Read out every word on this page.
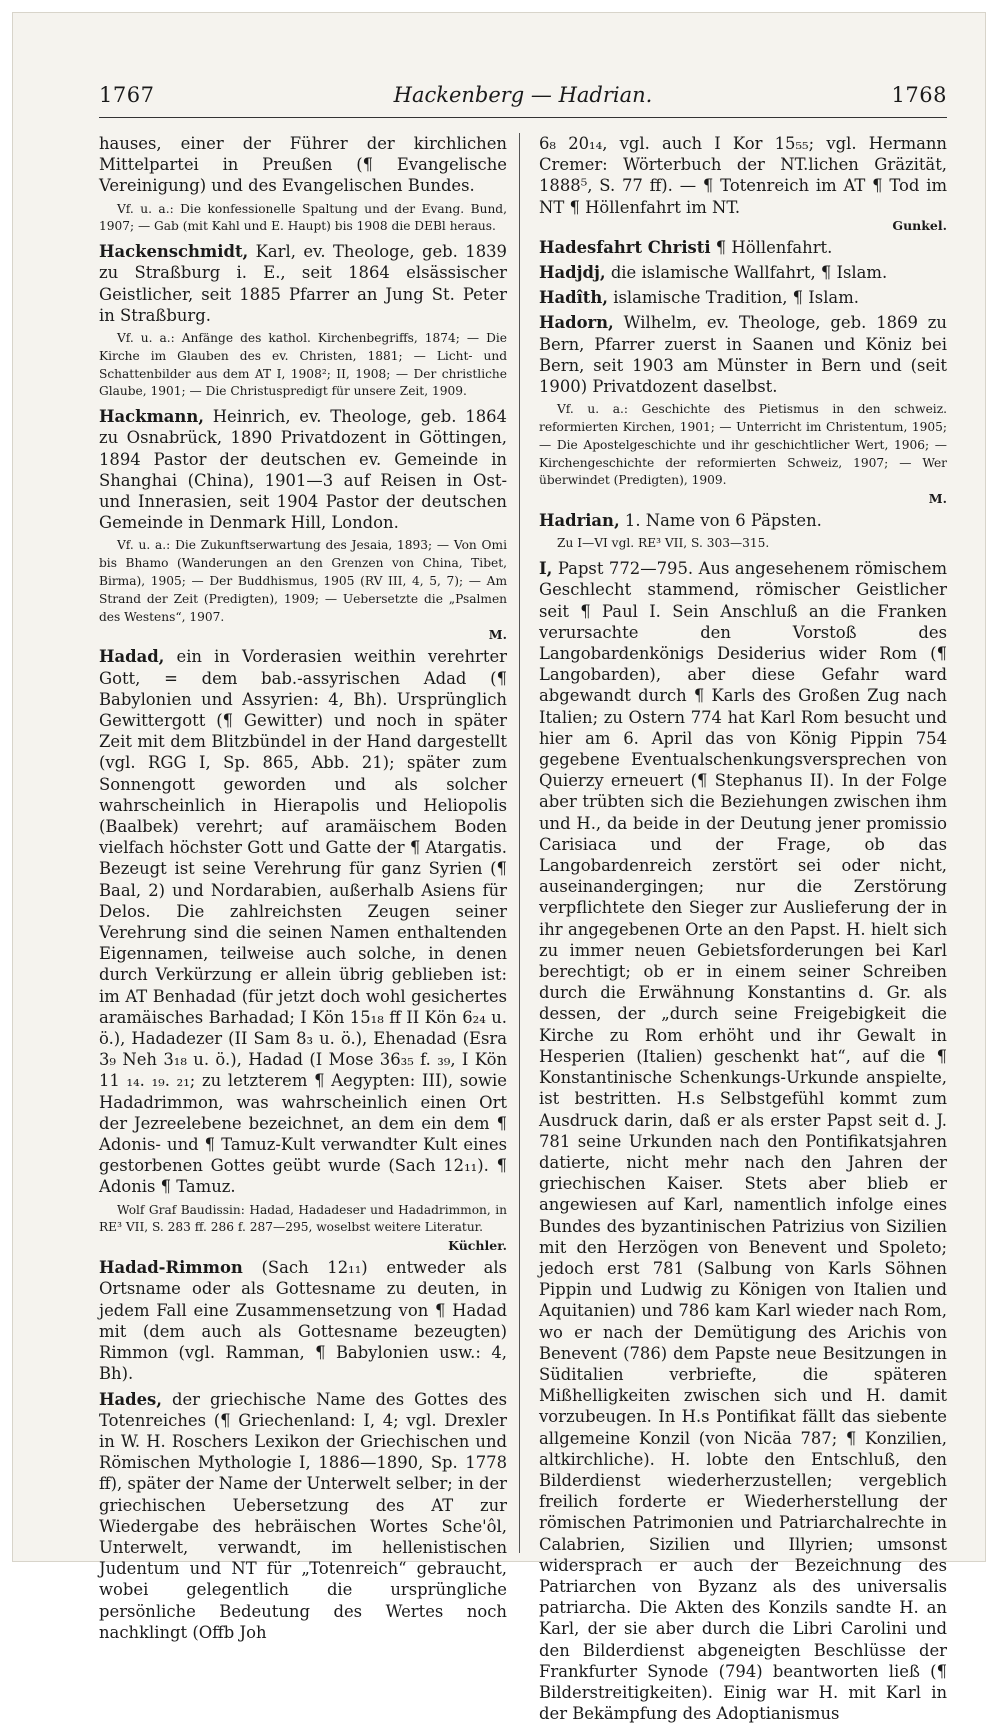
1767	Hackenberg — Hadrian.	1768

hauses, einer der Führer der kirchlichen Mittelpartei in Preußen (¶ Evangelische Vereinigung) und des Evangelischen Bundes.

Vf. u. a.: Die konfessionelle Spaltung und der Evang. Bund, 1907; — Gab (mit Kahl und E. Haupt) bis 1908 die DEBl heraus.

Hackenschmidt, Karl, ev. Theologe, geb. 1839 zu Straßburg i. E., seit 1864 elsässischer Geistlicher, seit 1885 Pfarrer an Jung St. Peter in Straßburg.

Vf. u. a.: Anfänge des kathol. Kirchenbegriffs, 1874; — Die Kirche im Glauben des ev. Christen, 1881; — Licht- und Schattenbilder aus dem AT I, 1908²; II, 1908; — Der christliche Glaube, 1901; — Die Christuspredigt für unsere Zeit, 1909.

Hackmann, Heinrich, ev. Theologe, geb. 1864 zu Osnabrück, 1890 Privatdozent in Göttingen, 1894 Pastor der deutschen ev. Gemeinde in Shanghai (China), 1901—3 auf Reisen in Ost- und Innerasien, seit 1904 Pastor der deutschen Gemeinde in Denmark Hill, London.

Vf. u. a.: Die Zukunftserwartung des Jesaia, 1893; — Von Omi bis Bhamo (Wanderungen an den Grenzen von China, Tibet, Birma), 1905; — Der Buddhismus, 1905 (RV III, 4, 5, 7); — Am Strand der Zeit (Predigten), 1909; — Uebersetzte die „Psalmen des Westens“, 1907.

M.

Hadad, ein in Vorderasien weithin verehrter Gott, = dem bab.-assyrischen Adad (¶ Babylonien und Assyrien: 4, Bh). Ursprünglich Gewittergott (¶ Gewitter) und noch in später Zeit mit dem Blitzbündel in der Hand dargestellt (vgl. RGG I, Sp. 865, Abb. 21); später zum Sonnengott geworden und als solcher wahrscheinlich in Hierapolis und Heliopolis (Baalbek) verehrt; auf aramäischem Boden vielfach höchster Gott und Gatte der ¶ Atargatis. Bezeugt ist seine Verehrung für ganz Syrien (¶ Baal, 2) und Nordarabien, außerhalb Asiens für Delos. Die zahlreichsten Zeugen seiner Verehrung sind die seinen Namen enthaltenden Eigennamen, teilweise auch solche, in denen durch Verkürzung er allein übrig geblieben ist: im AT Benhadad (für jetzt doch wohl gesichertes aramäisches Barhadad; I Kön 15₁₈ ff II Kön 6₂₄ u. ö.), Hadadezer (II Sam 8₃ u. ö.), Ehenadad (Esra 3₉ Neh 3₁₈ u. ö.), Hadad (I Mose 36₃₅ f. ₃₉, I Kön 11 ₁₄. ₁₉. ₂₁; zu letzterem ¶ Aegypten: III), sowie Hadadrimmon, was wahrscheinlich einen Ort der Jezreelebene bezeichnet, an dem ein dem ¶ Adonis- und ¶ Tamuz-Kult verwandter Kult eines gestorbenen Gottes geübt wurde (Sach 12₁₁). ¶ Adonis ¶ Tamuz.

Wolf Graf Baudissin: Hadad, Hadadeser und Hadadrimmon, in RE³ VII, S. 283 ff. 286 f. 287—295, woselbst weitere Literatur.

Küchler.

Hadad-Rimmon (Sach 12₁₁) entweder als Ortsname oder als Gottesname zu deuten, in jedem Fall eine Zusammensetzung von ¶ Hadad mit (dem auch als Gottesname bezeugten) Rimmon (vgl. Ramman, ¶ Babylonien usw.: 4, Bh).

Hades, der griechische Name des Gottes des Totenreiches (¶ Griechenland: I, 4; vgl. Drexler in W. H. Roschers Lexikon der Griechischen und Römischen Mythologie I, 1886—1890, Sp. 1778 ff), später der Name der Unterwelt selber; in der griechischen Uebersetzung des AT zur Wiedergabe des hebräischen Wortes Sche'ôl, Unterwelt, verwandt, im hellenistischen Judentum und NT für „Totenreich“ gebraucht, wobei gelegentlich die ursprüngliche persönliche Bedeutung des Wertes noch nachklingt (Offb Joh

6₈ 20₁₄, vgl. auch I Kor 15₅₅; vgl. Hermann Cremer: Wörterbuch der NT.lichen Gräzität, 1888⁵, S. 77 ff). — ¶ Totenreich im AT ¶ Tod im NT ¶ Höllenfahrt im NT.

Gunkel.

Hadesfahrt Christi ¶ Höllenfahrt.

Hadjdj, die islamische Wallfahrt, ¶ Islam.

Hadîth, islamische Tradition, ¶ Islam.

Hadorn, Wilhelm, ev. Theologe, geb. 1869 zu Bern, Pfarrer zuerst in Saanen und Köniz bei Bern, seit 1903 am Münster in Bern und (seit 1900) Privatdozent daselbst.

Vf. u. a.: Geschichte des Pietismus in den schweiz. reformierten Kirchen, 1901; — Unterricht im Christentum, 1905; — Die Apostelgeschichte und ihr geschichtlicher Wert, 1906; — Kirchengeschichte der reformierten Schweiz, 1907; — Wer überwindet (Predigten), 1909.

M.

Hadrian, 1. Name von 6 Päpsten.

Zu I—VI vgl. RE³ VII, S. 303—315.

I, Papst 772—795. Aus angesehenem römischem Geschlecht stammend, römischer Geistlicher seit ¶ Paul I. Sein Anschluß an die Franken verursachte den Vorstoß des Langobardenkönigs Desiderius wider Rom (¶ Langobarden), aber diese Gefahr ward abgewandt durch ¶ Karls des Großen Zug nach Italien; zu Ostern 774 hat Karl Rom besucht und hier am 6. April das von König Pippin 754 gegebene Eventualschenkungsversprechen von Quierzy erneuert (¶ Stephanus II). In der Folge aber trübten sich die Beziehungen zwischen ihm und H., da beide in der Deutung jener promissio Carisiaca und der Frage, ob das Langobardenreich zerstört sei oder nicht, auseinandergingen; nur die Zerstörung verpflichtete den Sieger zur Auslieferung der in ihr angegebenen Orte an den Papst. H. hielt sich zu immer neuen Gebietsforderungen bei Karl berechtigt; ob er in einem seiner Schreiben durch die Erwähnung Konstantins d. Gr. als dessen, der „durch seine Freigebigkeit die Kirche zu Rom erhöht und ihr Gewalt in Hesperien (Italien) geschenkt hat“, auf die ¶ Konstantinische Schenkungs-Urkunde anspielte, ist bestritten. H.s Selbstgefühl kommt zum Ausdruck darin, daß er als erster Papst seit d. J. 781 seine Urkunden nach den Pontifikatsjahren datierte, nicht mehr nach den Jahren der griechischen Kaiser. Stets aber blieb er angewiesen auf Karl, namentlich infolge eines Bundes des byzantinischen Patrizius von Sizilien mit den Herzögen von Benevent und Spoleto; jedoch erst 781 (Salbung von Karls Söhnen Pippin und Ludwig zu Königen von Italien und Aquitanien) und 786 kam Karl wieder nach Rom, wo er nach der Demütigung des Arichis von Benevent (786) dem Papste neue Besitzungen in Süditalien verbriefte, die späteren Mißhelligkeiten zwischen sich und H. damit vorzubeugen. In H.s Pontifikat fällt das siebente allgemeine Konzil (von Nicäa 787; ¶ Konzilien, altkirchliche). H. lobte den Entschluß, den Bilderdienst wiederherzustellen; vergeblich freilich forderte er Wiederherstellung der römischen Patrimonien und Patriarchalrechte in Calabrien, Sizilien und Illyrien; umsonst widersprach er auch der Bezeichnung des Patriarchen von Byzanz als des universalis patriarcha. Die Akten des Konzils sandte H. an Karl, der sie aber durch die Libri Carolini und den Bilderdienst abgeneigten Beschlüsse der Frankfurter Synode (794) beantworten ließ (¶ Bilderstreitigkeiten). Einig war H. mit Karl in der Bekämpfung des Adoptianismus
